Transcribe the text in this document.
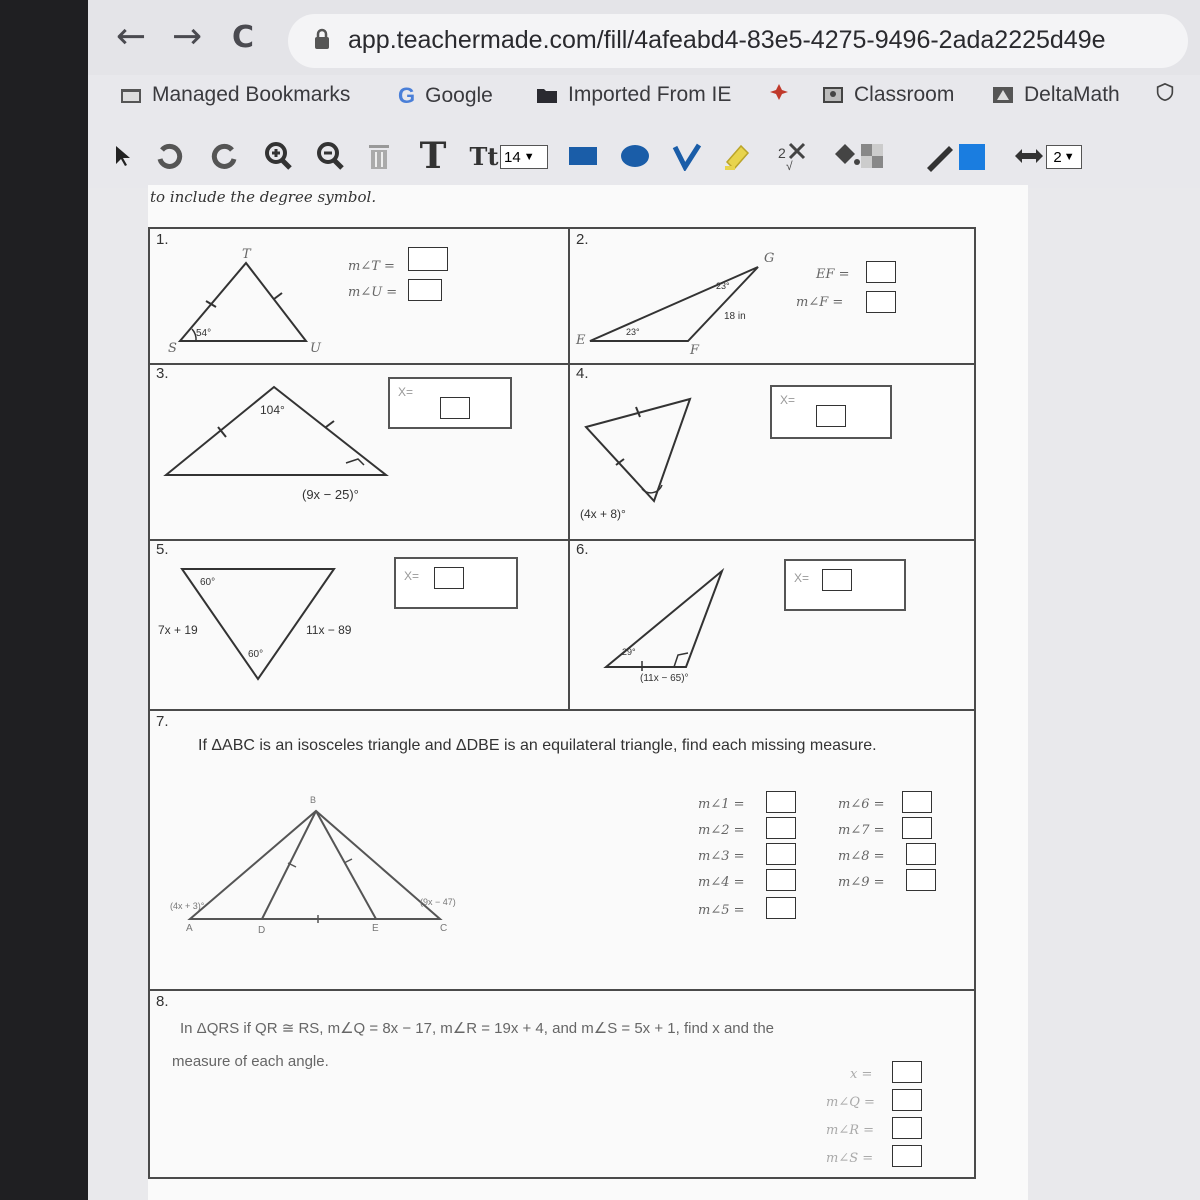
← → C	app.teachermade.com/fill/4afeabd4-83e5-4275-9496-2ada2225d49e
Managed Bookmarks G Google	Imported From IE	Classroom	DeltaMath
T Tt 14 ▼	2
√
2 ▼
to include the degree symbol.
1.
T
S	U
54°
m∠T =
m∠U =
2.
G
E
F
23°
23°
18 in
EF =
m∠F =
3.
104°
(9x − 25)°
X=
4.
(4x + 8)°
X=
5.
60°
60°
7x + 19	11x − 89
X=
6.
29°
(11x − 65)°
X=
7.
If ΔABC is an isosceles triangle and ΔDBE is an equilateral triangle, find each missing measure.
B
A	D	E	C
(4x + 3)°	(9x − 47)
m∠1 =
m∠2 =
m∠3 =
m∠4 =
m∠5 =
m∠6 =
m∠7 =
m∠8 =
m∠9 =
8.
In ΔQRS if QR ≅ RS, m∠Q = 8x − 17, m∠R = 19x + 4, and m∠S = 5x + 1, find x and the
measure of each angle.
x =
m∠Q =
m∠R =
m∠S =
